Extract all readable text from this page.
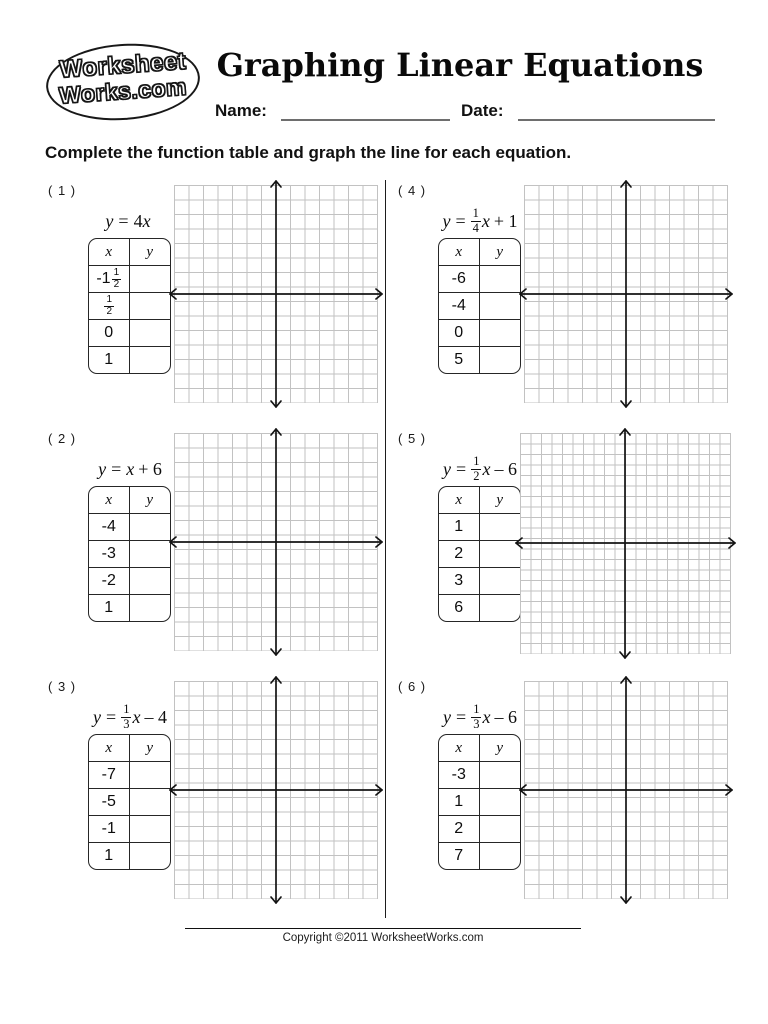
Worksheet
Works.com
Graphing Linear Equations
Name:	Date:
Complete the function table and graph the line for each equation.
( 1 )
y = 4 x
x	y
$-1 \frac{1}{2}$
$\frac{1}{2}$
0
1
( 2 )
y = x + 6
x	y
-4
-3
-2
1
( 3 )
$y = \frac{1}{3}$ x – 4
x	y
-7
-5
-1
1
( 4 )
$y = \frac{1}{4}$ x + 1
x	y
-6
-4
0
5
( 5 )
$y = \frac{1}{2}$ x – 6
x	y
1
2
3
6
( 6 )
$y = \frac{1}{3}$ x – 6
x	y
-3
1
2
7
Copyright ©2011 WorksheetWorks.com
